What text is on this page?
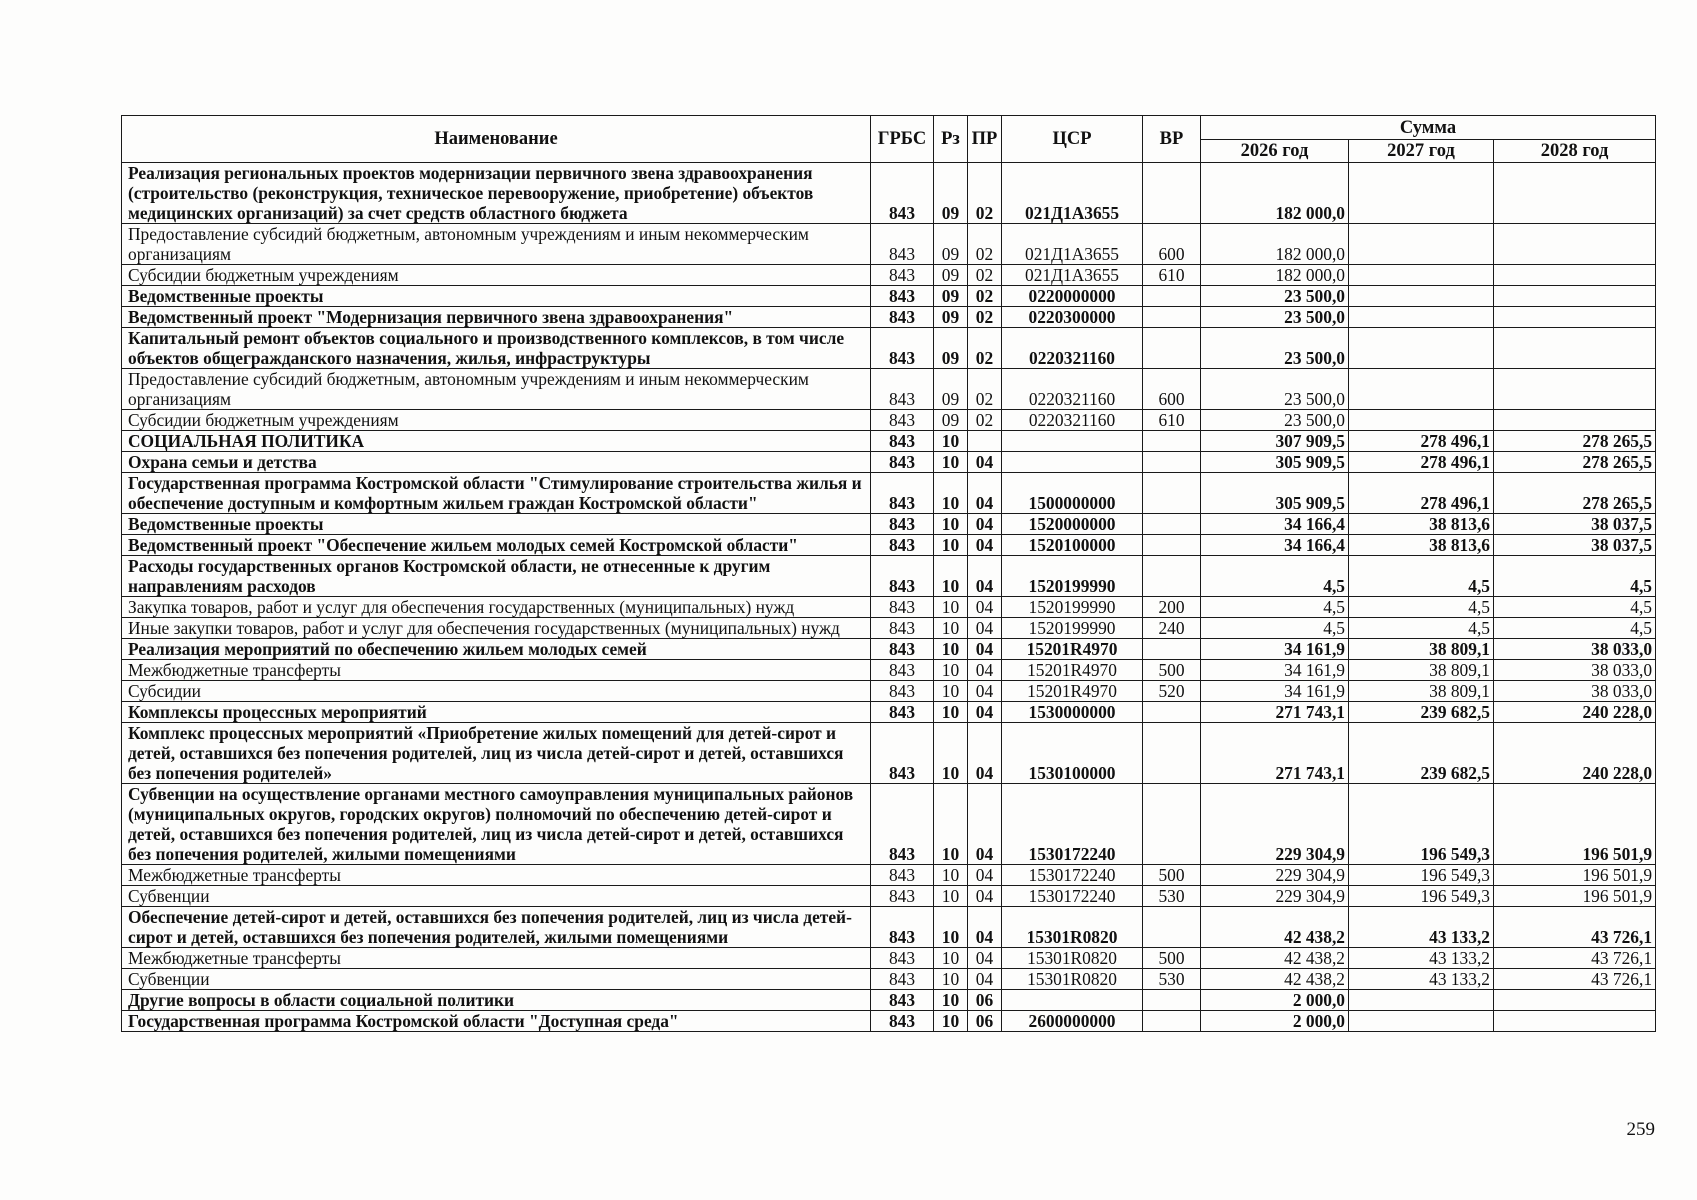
Наименование	ГРБС	Рз	ПР	ЦСР	ВР	Сумма		
						2026 год	2027 год	2028 год
Реализация региональных проектов модернизации первичного звена здравоохранения (строительство (реконструкция, техническое перевооружение, приобретение) объектов медицинских организаций) за счет средств областного бюджета	843	09	02	021Д1А3655		182 000,0		
Предоставление субсидий бюджетным, автономным учреждениям и иным некоммерческим организациям	843	09	02	021Д1А3655	600	182 000,0		
Субсидии бюджетным учреждениям	843	09	02	021Д1А3655	610	182 000,0		
Ведомственные проекты	843	09	02	0220000000		23 500,0		
Ведомственный проект "Модернизация первичного звена здравоохранения"	843	09	02	0220300000		23 500,0		
Капитальный ремонт объектов социального и производственного комплексов, в том числе объектов общегражданского назначения, жилья, инфраструктуры	843	09	02	0220321160		23 500,0		
Предоставление субсидий бюджетным, автономным учреждениям и иным некоммерческим организациям	843	09	02	0220321160	600	23 500,0		
Субсидии бюджетным учреждениям	843	09	02	0220321160	610	23 500,0		
СОЦИАЛЬНАЯ ПОЛИТИКА	843	10				307 909,5	278 496,1	278 265,5
Охрана семьи и детства	843	10	04			305 909,5	278 496,1	278 265,5
Государственная программа Костромской области "Стимулирование строительства жилья и обеспечение доступным и комфортным жильем граждан Костромской области"	843	10	04	1500000000		305 909,5	278 496,1	278 265,5
Ведомственные проекты	843	10	04	1520000000		34 166,4	38 813,6	38 037,5
Ведомственный проект "Обеспечение жильем молодых семей Костромской области"	843	10	04	1520100000		34 166,4	38 813,6	38 037,5
Расходы государственных органов Костромской области, не отнесенные к другим направлениям расходов	843	10	04	1520199990		4,5	4,5	4,5
Закупка товаров, работ и услуг для обеспечения государственных (муниципальных) нужд	843	10	04	1520199990	200	4,5	4,5	4,5
Иные закупки товаров, работ и услуг для обеспечения государственных (муниципальных) нужд	843	10	04	1520199990	240	4,5	4,5	4,5
Реализация мероприятий по обеспечению жильем молодых семей	843	10	04	15201R4970		34 161,9	38 809,1	38 033,0
Межбюджетные трансферты	843	10	04	15201R4970	500	34 161,9	38 809,1	38 033,0
Субсидии	843	10	04	15201R4970	520	34 161,9	38 809,1	38 033,0
Комплексы процессных мероприятий	843	10	04	1530000000		271 743,1	239 682,5	240 228,0
Комплекс процессных мероприятий «Приобретение жилых помещений для детей-сирот и детей, оставшихся без попечения родителей, лиц из числа детей-сирот и детей, оставшихся без попечения родителей»	843	10	04	1530100000		271 743,1	239 682,5	240 228,0
Субвенции на осуществление органами местного самоуправления муниципальных районов (муниципальных округов, городских округов) полномочий по обеспечению детей-сирот и детей, оставшихся без попечения родителей, лиц из числа детей-сирот и детей, оставшихся без попечения родителей, жилыми помещениями	843	10	04	1530172240		229 304,9	196 549,3	196 501,9
Межбюджетные трансферты	843	10	04	1530172240	500	229 304,9	196 549,3	196 501,9
Субвенции	843	10	04	1530172240	530	229 304,9	196 549,3	196 501,9
Обеспечение детей-сирот и детей, оставшихся без попечения родителей, лиц из числа детей-сирот и детей, оставшихся без попечения родителей, жилыми помещениями	843	10	04	15301R0820		42 438,2	43 133,2	43 726,1
Межбюджетные трансферты	843	10	04	15301R0820	500	42 438,2	43 133,2	43 726,1
Субвенции	843	10	04	15301R0820	530	42 438,2	43 133,2	43 726,1
Другие вопросы в области социальной политики	843	10	06			2 000,0		
Государственная программа Костромской области "Доступная среда"	843	10	06	2600000000		2 000,0		
259
